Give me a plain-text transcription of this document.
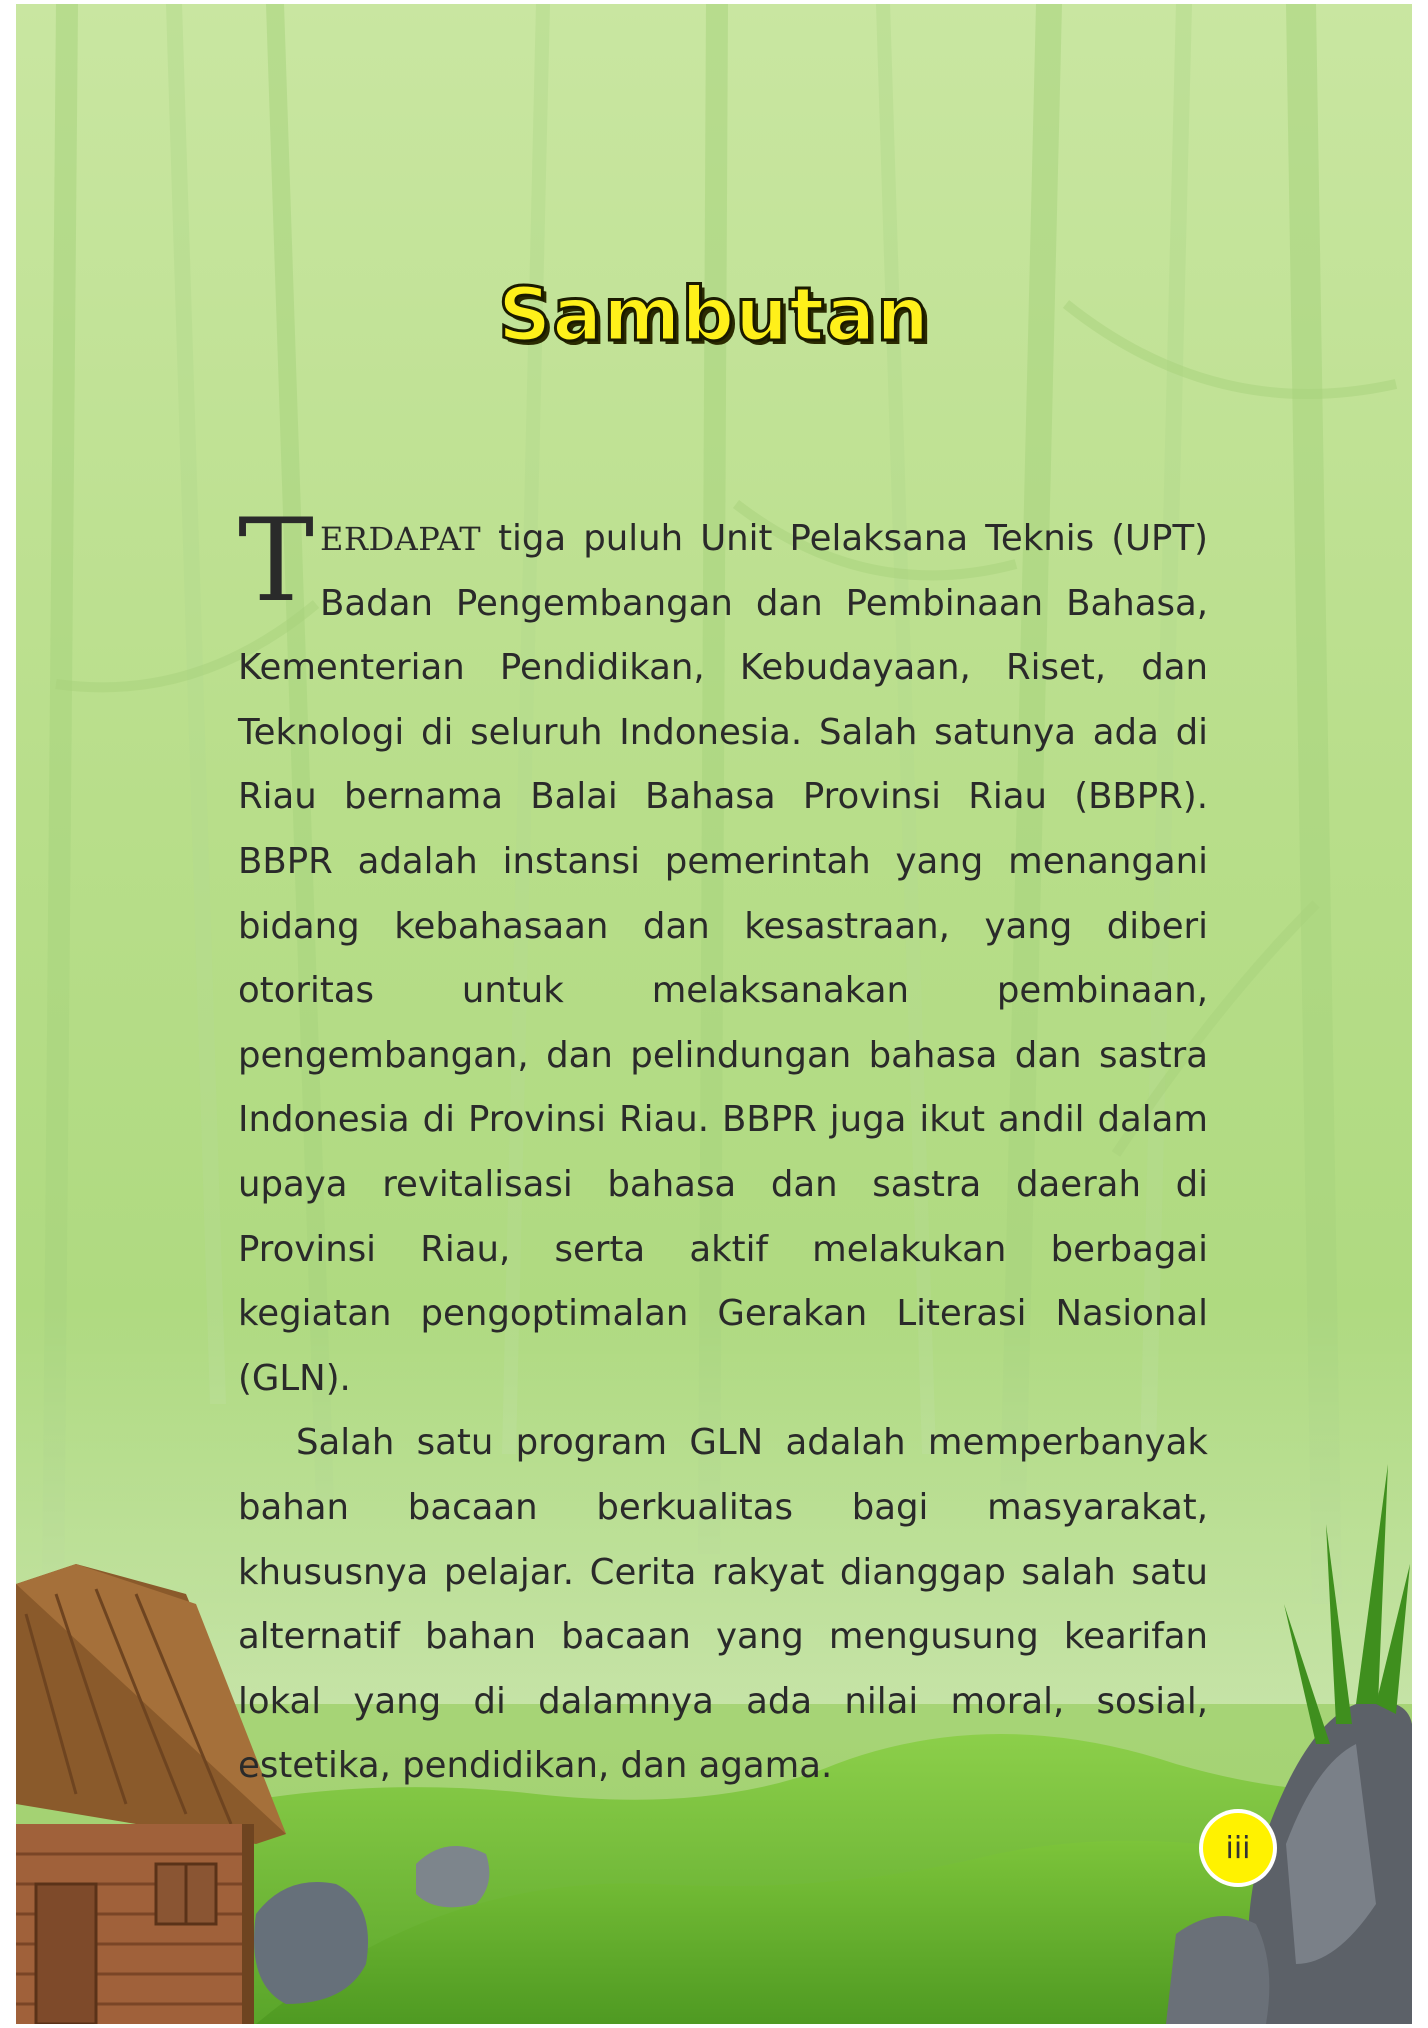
Sambutan

TERDAPAT tiga puluh Unit Pelaksana Teknis (UPT) Badan Pengembangan dan Pembinaan Bahasa, Kementerian Pendidikan, Kebudayaan, Riset, dan Teknologi di seluruh Indonesia. Salah satunya ada di Riau bernama Balai Bahasa Provinsi Riau (BBPR). BBPR adalah instansi pemerintah yang menangani bidang kebahasaan dan kesastraan, yang diberi otoritas untuk melaksanakan pembinaan, pengembangan, dan pelindungan bahasa dan sastra Indonesia di Provinsi Riau. BBPR juga ikut andil dalam upaya revitalisasi bahasa dan sastra daerah di Provinsi Riau, serta aktif melakukan berbagai kegiatan pengoptimalan Gerakan Literasi Nasional (GLN).

Salah satu program GLN adalah memperbanyak bahan bacaan berkualitas bagi masyarakat, khususnya pelajar. Cerita rakyat dianggap salah satu alternatif bahan bacaan yang mengusung kearifan lokal yang di dalamnya ada nilai moral, sosial, estetika, pendidikan, dan agama.

iii
